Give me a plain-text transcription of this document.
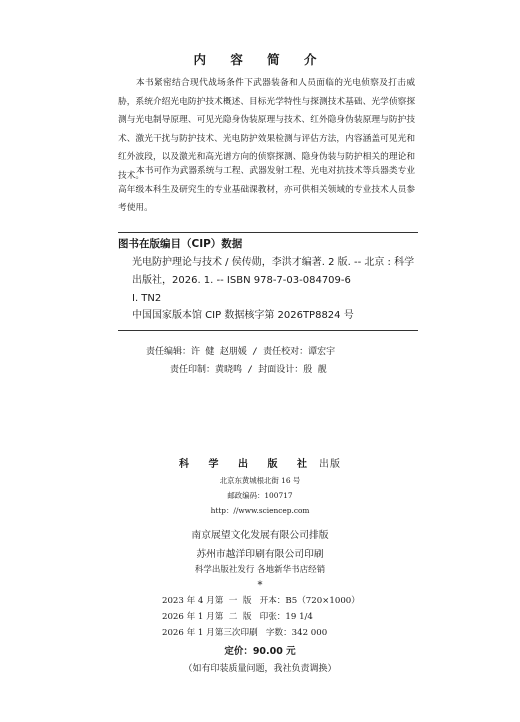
内 容 简 介
本书紧密结合现代战场条件下武器装备和人员面临的光电侦察及打击威胁，系统介绍光电防护技术概述、目标光学特性与探测技术基础、光学侦察探测与光电制导原理、可见光隐身伪装原理与技术、红外隐身伪装原理与防护技术、激光干扰与防护技术、光电防护效果检测与评估方法，内容涵盖可见光和红外波段，以及激光和高光谱方向的侦察探测、隐身伪装与防护相关的理论和技术。
本书可作为武器系统与工程、武器发射工程、光电对抗技术等兵器类专业高年级本科生及研究生的专业基础课教材，亦可供相关领域的专业技术人员参考使用。
图书在版编目（CIP）数据
光电防护理论与技术 / 侯传勋，李洪才编著. 2 版. -- 北京 : 科学出版社，2026. 1. -- ISBN 978-7-03-084709-6
Ⅰ. TN2
中国国家版本馆 CIP 数据核字第 2026TP8824 号
责任编辑：许 健 赵朋媛 / 责任校对：谭宏宇
责任印制：黄晓鸣 / 封面设计：殷 靓
科 学 出 版 社 出版
北京东黄城根北街 16 号
邮政编码：100717
http：//www.sciencep.com
南京展望文化发展有限公司排版
苏州市越洋印刷有限公司印刷
科学出版社发行 各地新华书店经销
*
2023 年 4 月第  一  版   开本：B5（720×1000）
2026 年 1 月第  二  版   印张：19 1/4
2026 年 1 月第三次印刷   字数：342 000
定价：90.00 元
（如有印装质量问题，我社负责调换）
